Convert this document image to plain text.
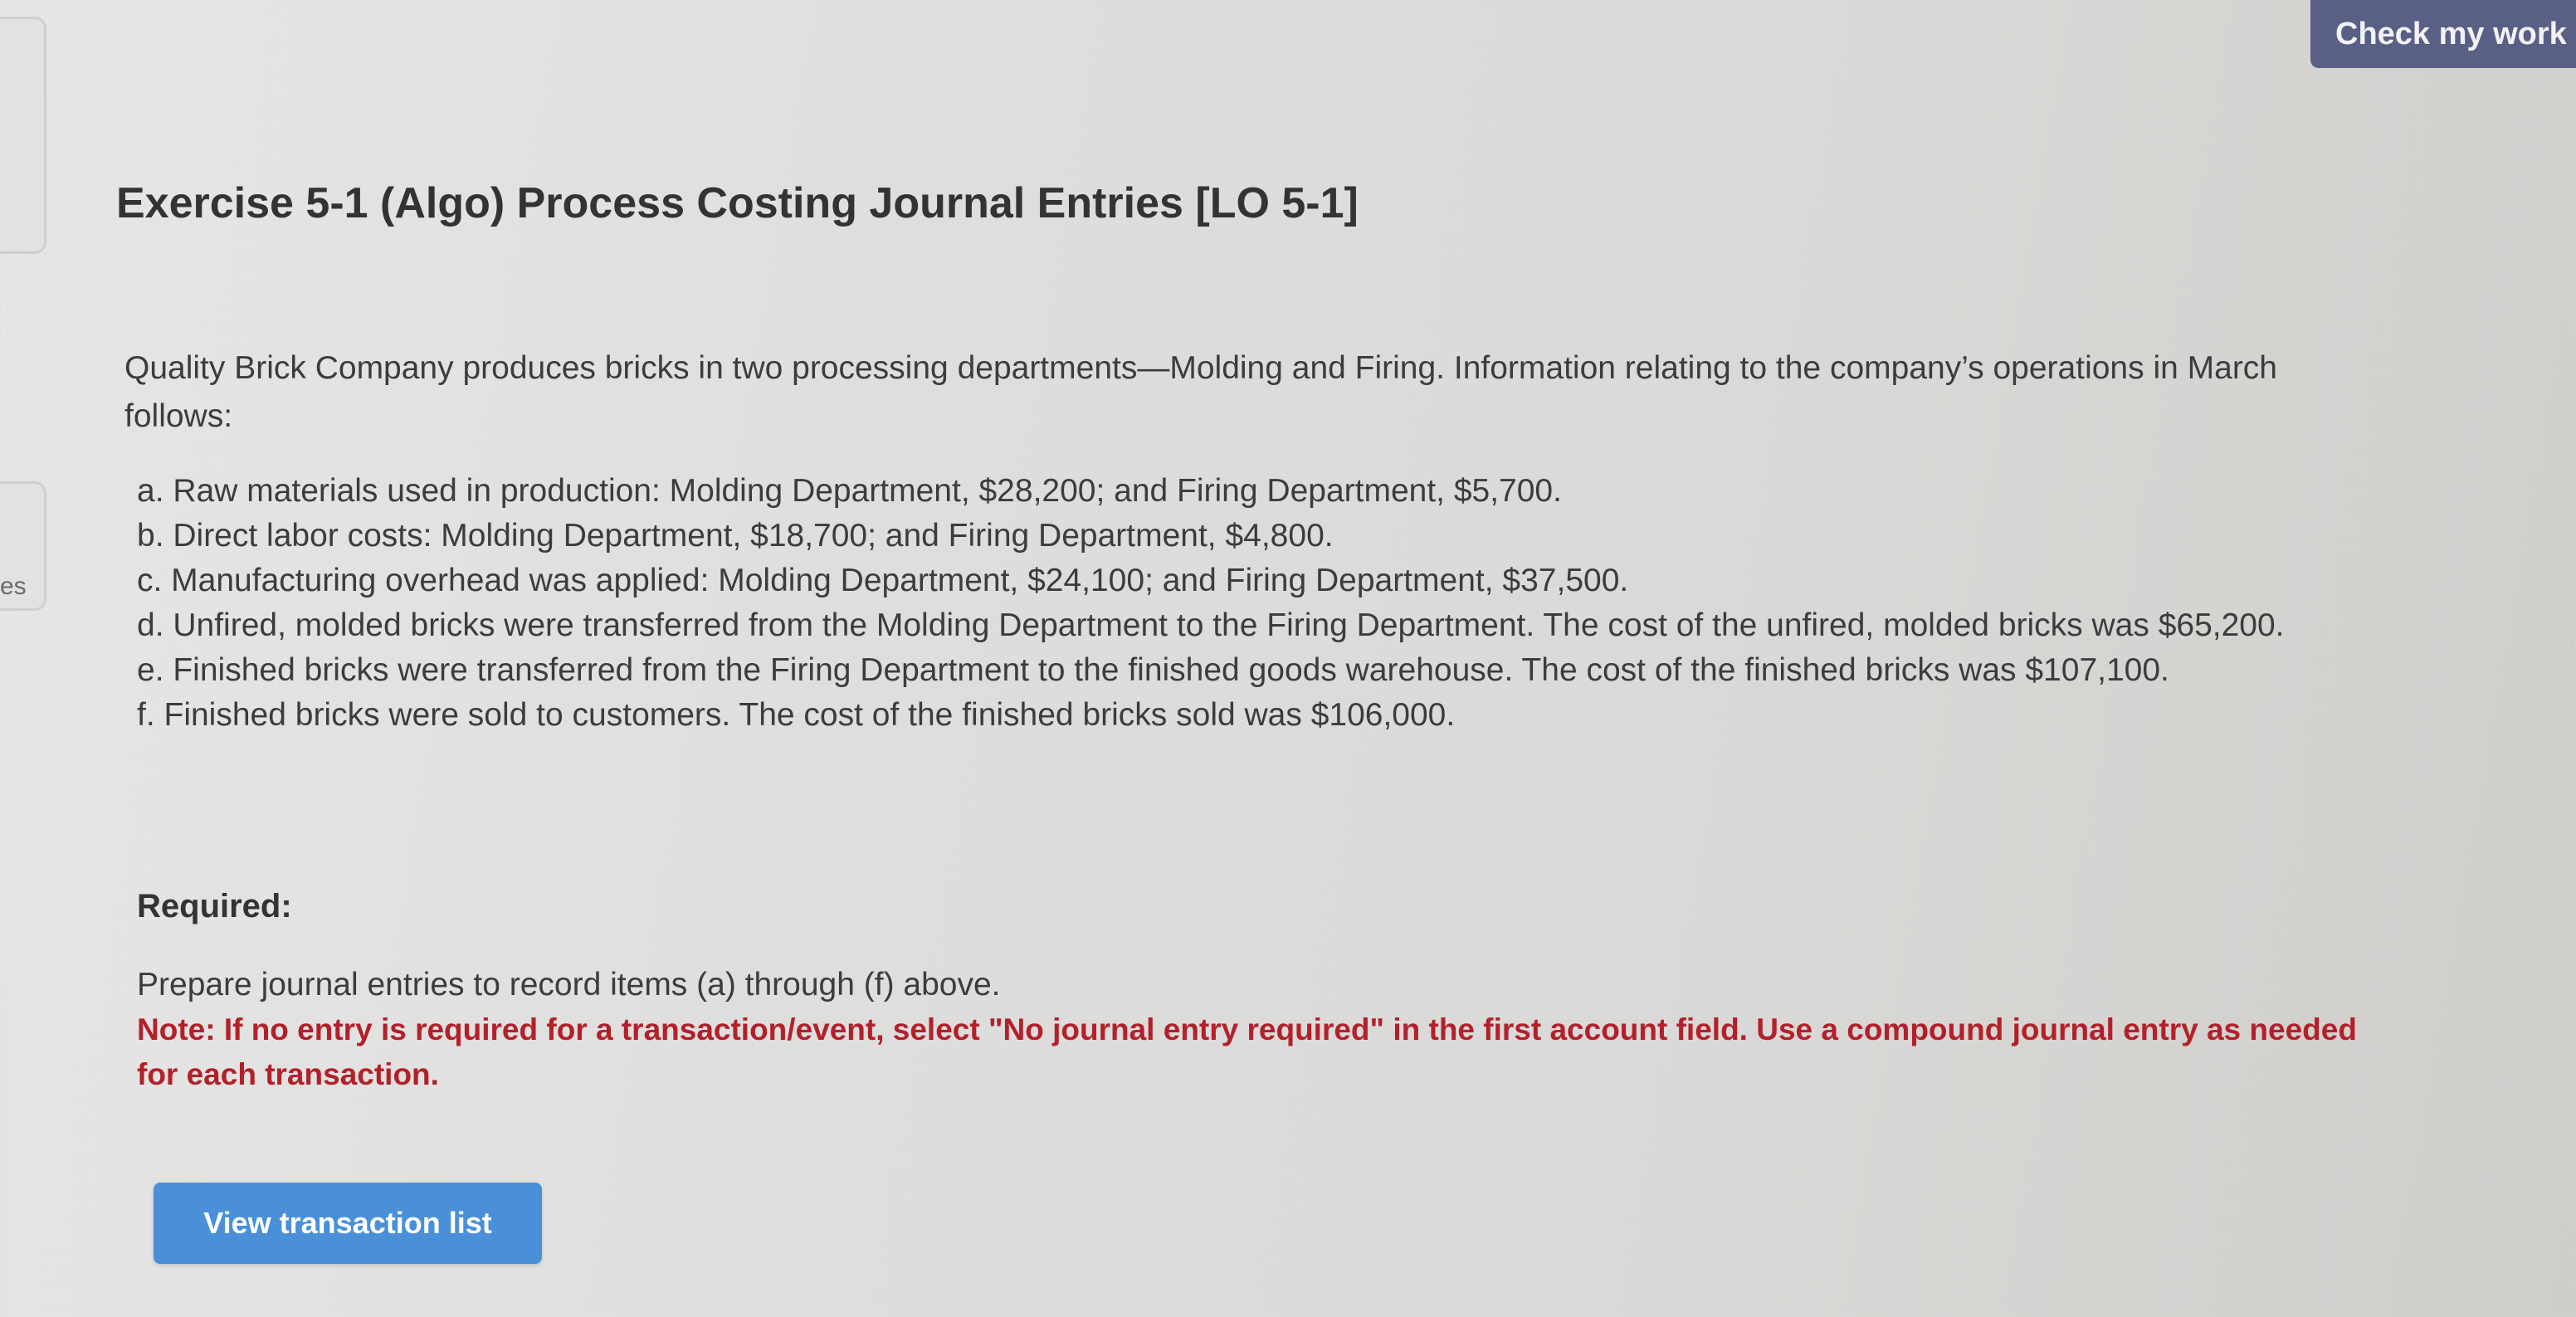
es
Check my work
Exercise 5-1 (Algo) Process Costing Journal Entries [LO 5-1]
Quality Brick Company produces bricks in two processing departments—Molding and Firing. Information relating to the company’s operations in March follows:
a. Raw materials used in production: Molding Department, $28,200; and Firing Department, $5,700.
b. Direct labor costs: Molding Department, $18,700; and Firing Department, $4,800.
c. Manufacturing overhead was applied: Molding Department, $24,100; and Firing Department, $37,500.
d. Unfired, molded bricks were transferred from the Molding Department to the Firing Department. The cost of the unfired, molded bricks was $65,200.
e. Finished bricks were transferred from the Firing Department to the finished goods warehouse. The cost of the finished bricks was $107,100.
f. Finished bricks were sold to customers. The cost of the finished bricks sold was $106,000.
Required:
Prepare journal entries to record items (a) through (f) above.
Note: If no entry is required for a transaction/event, select "No journal entry required" in the first account field. Use a compound journal entry as needed for each transaction.
View transaction list
